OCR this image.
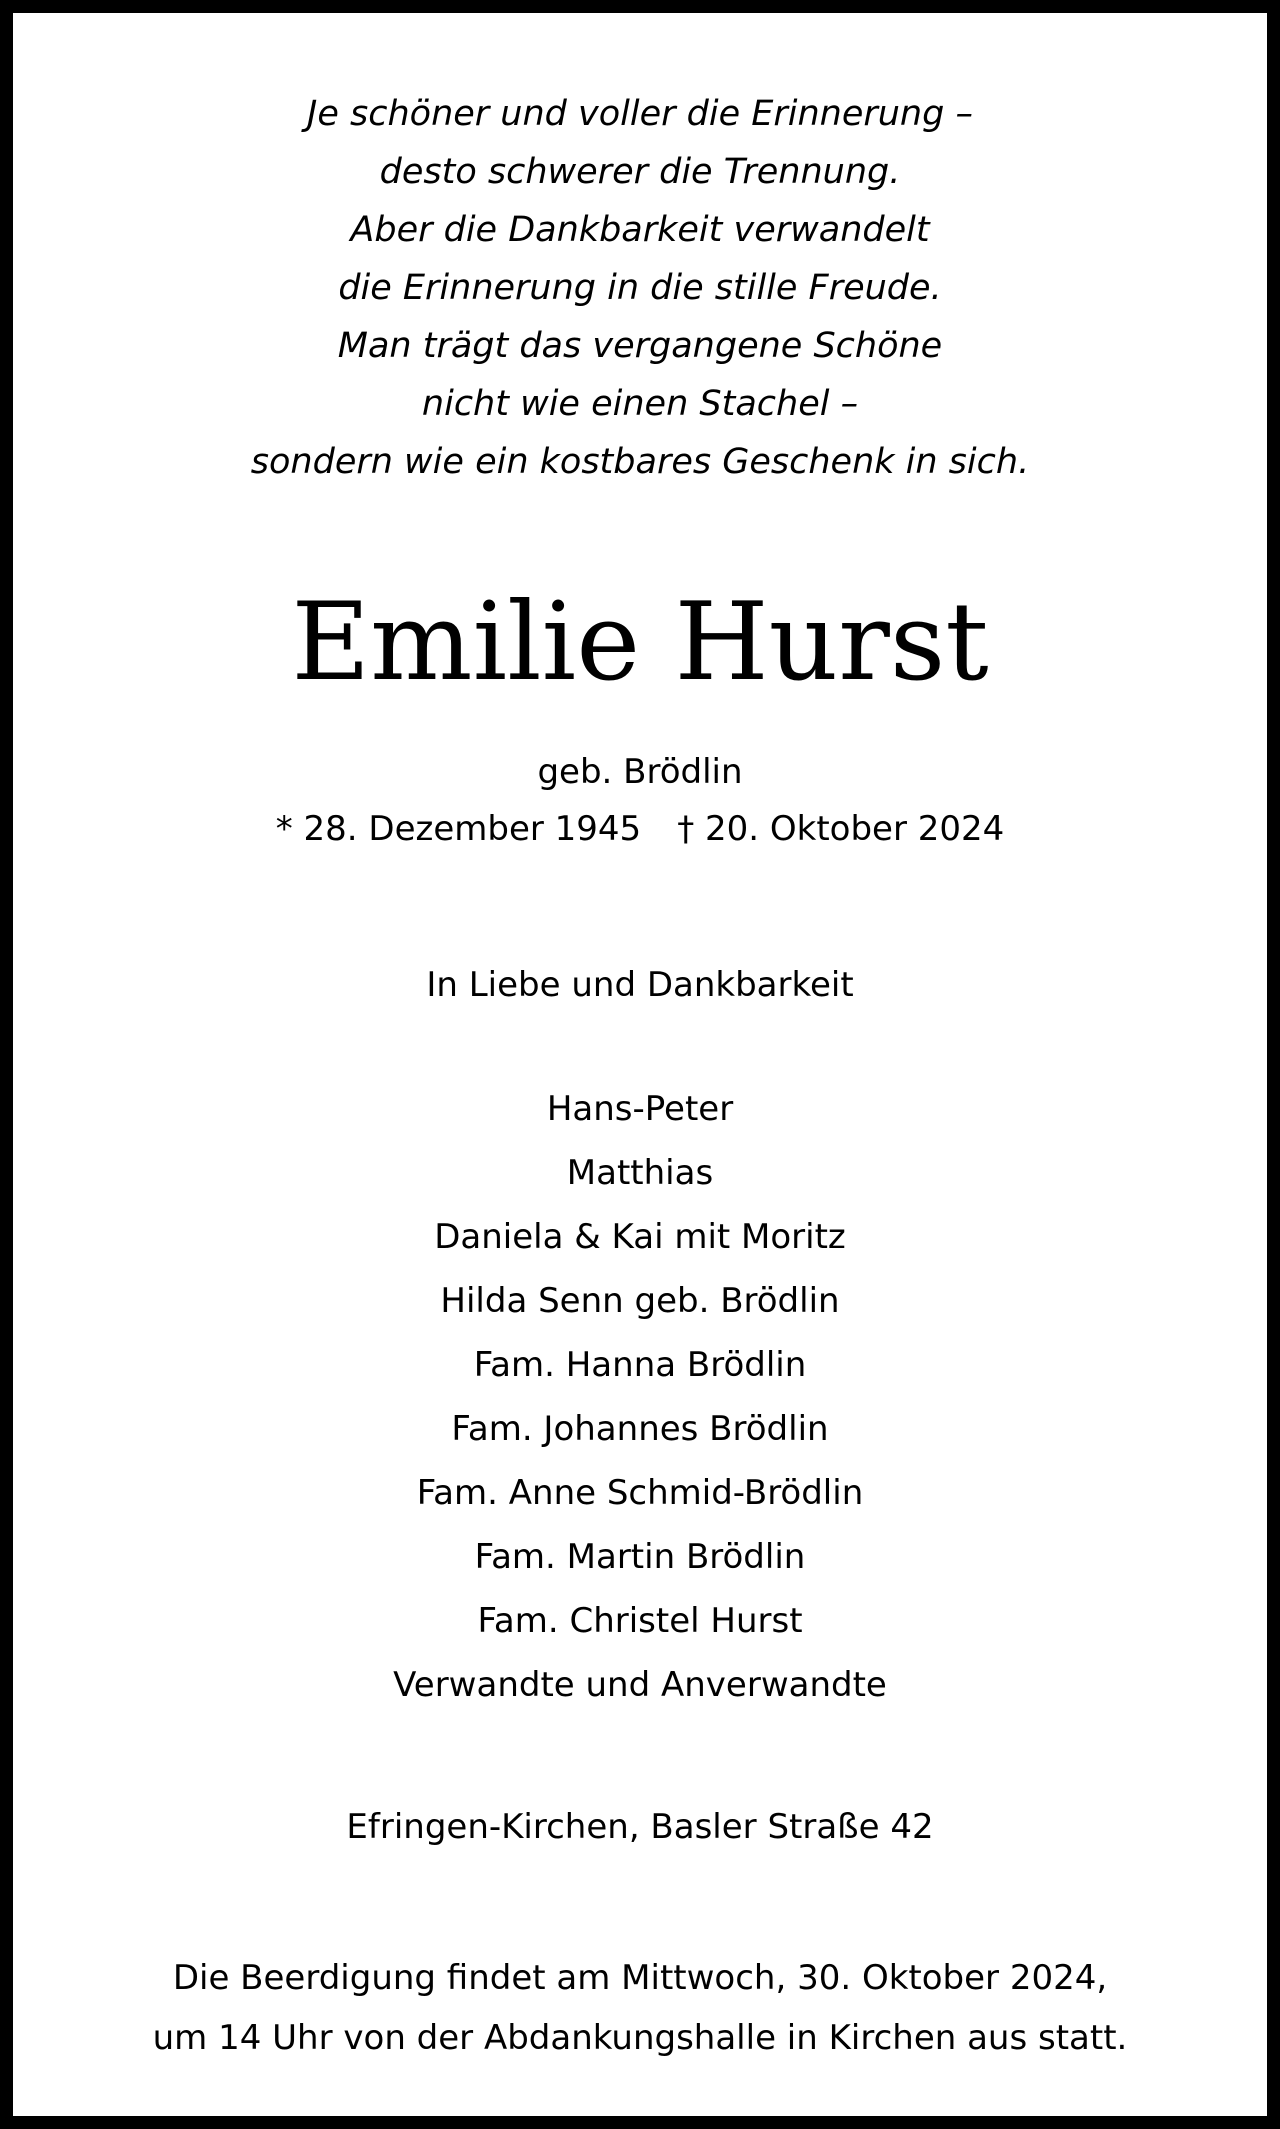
Je schöner und voller die Erinnerung –
desto schwerer die Trennung.
Aber die Dankbarkeit verwandelt
die Erinnerung in die stille Freude.
Man trägt das vergangene Schöne
nicht wie einen Stachel –
sondern wie ein kostbares Geschenk in sich.
Emilie Hurst
geb. Brödlin
* 28. Dezember 1945 † 20. Oktober 2024
In Liebe und Dankbarkeit
Hans-Peter
Matthias
Daniela & Kai mit Moritz
Hilda Senn geb. Brödlin
Fam. Hanna Brödlin
Fam. Johannes Brödlin
Fam. Anne Schmid-Brödlin
Fam. Martin Brödlin
Fam. Christel Hurst
Verwandte und Anverwandte
Efringen-Kirchen, Basler Straße 42
Die Beerdigung findet am Mittwoch, 30. Oktober 2024,
um 14 Uhr von der Abdankungshalle in Kirchen aus statt.
